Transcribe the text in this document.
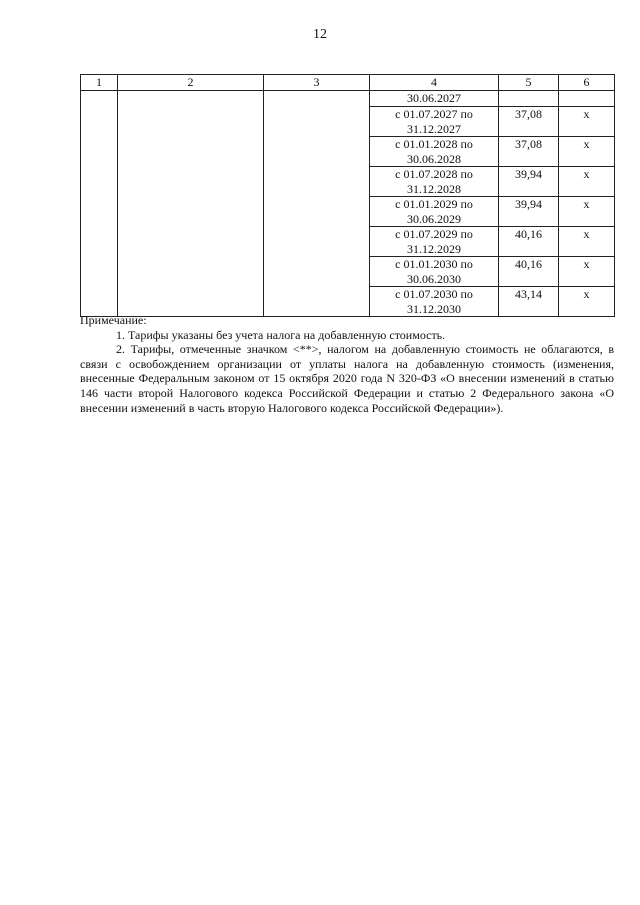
12
1	2	3	4	5	6
			30.06.2027		
			с 01.07.2027 по 31.12.2027	37,08	х
			с 01.01.2028 по 30.06.2028	37,08	х
			с 01.07.2028 по 31.12.2028	39,94	х
			с 01.01.2029 по 30.06.2029	39,94	х
			с 01.07.2029 по 31.12.2029	40,16	х
			с 01.01.2030 по 30.06.2030	40,16	х
			с 01.07.2030 по 31.12.2030	43,14	х

Примечание:

1. Тарифы указаны без учета налога на добавленную стоимость.

2. Тарифы, отмеченные значком <**>, налогом на добавленную стоимость не облагаются, в связи с освобождением организации от уплаты налога на добавленную стоимость (изменения, внесенные Федеральным законом от 15 октября 2020 года N 320-ФЗ «О внесении изменений в статью 146 части второй Налогового кодекса Российской Федерации и статью 2 Федерального закона «О внесении изменений в часть вторую Налогового кодекса Российской Федерации»).
